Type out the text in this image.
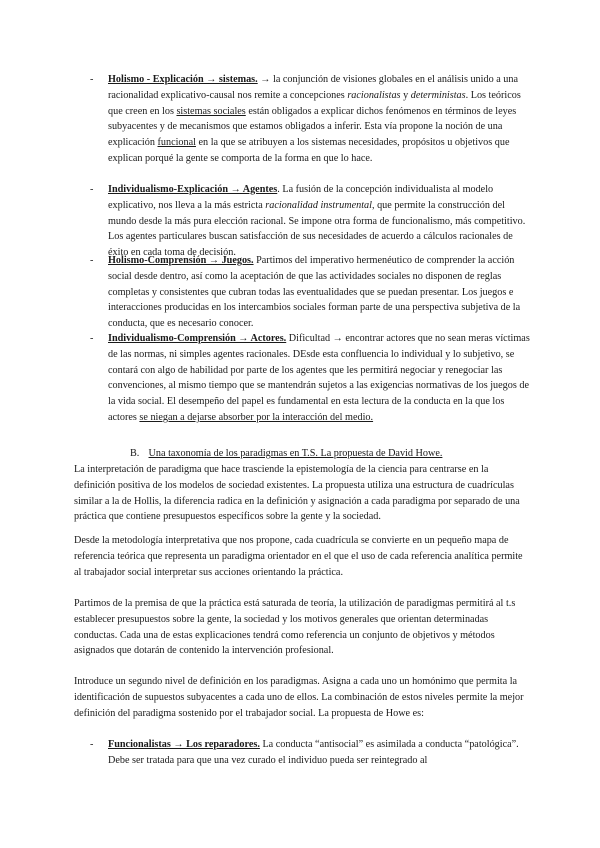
- Holismo - Explicación → sistemas. → la conjunción de visiones globales en el análisis unido a una racionalidad explicativo-causal nos remite a concepciones racionalistas y deterministas. Los teóricos que creen en los sistemas sociales están obligados a explicar dichos fenómenos en términos de leyes subyacentes y de mecanismos que estamos obligados a inferir. Esta vía propone la noción de una explicación funcional en la que se atribuyen a los sistemas necesidades, propósitos u objetivos que explican porqué la gente se comporta de la forma en que lo hace.
- Individualismo-Explicación → Agentes. La fusión de la concepción individualista al modelo explicativo, nos lleva a la más estricta racionalidad instrumental, que permite la construcción del mundo desde la más pura elección racional. Se impone otra forma de funcionalismo, más competitivo. Los agentes particulares buscan satisfacción de sus necesidades de acuerdo a cálculos racionales de éxito en cada toma de decisión.
- Holismo-Comprensión → Juegos. Partimos del imperativo hermenéutico de comprender la acción social desde dentro, así como la aceptación de que las actividades sociales no disponen de reglas completas y consistentes que cubran todas las eventualidades que se puedan presentar. Los juegos e interacciones producidas en los intercambios sociales forman parte de una perspectiva subjetiva de la conducta, que es necesario conocer.
- Individualismo-Comprensión → Actores. Dificultad → encontrar actores que no sean meras víctimas de las normas, ni simples agentes racionales. DEsde esta confluencia lo individual y lo subjetivo, se contará con algo de habilidad por parte de los agentes que les permitirá negociar y renegociar las convenciones, al mismo tiempo que se mantendrán sujetos a las exigencias normativas de los juegos de la vida social. El desempeño del papel es fundamental en esta lectura de la conducta en la que los actores se niegan a dejarse absorber por la interacción del medio.
B. Una taxonomía de los paradigmas en T.S. La propuesta de David Howe.

La interpretación de paradigma que hace trasciende la epistemología de la ciencia para centrarse en la definición positiva de los modelos de sociedad existentes. La propuesta utiliza una estructura de cuadrículas similar a la de Hollis, la diferencia radica en la definición y asignación a cada paradigma por separado de una práctica que contiene presupuestos específicos sobre la gente y la sociedad.

Desde la metodología interpretativa que nos propone, cada cuadrícula se convierte en un pequeño mapa de referencia teórica que representa un paradigma orientador en el que el uso de cada referencia analítica permite al trabajador social interpretar sus acciones orientando la práctica.

Partimos de la premisa de que la práctica está saturada de teoría, la utilización de paradigmas permitirá al t.s establecer presupuestos sobre la gente, la sociedad y los motivos generales que orientan determinadas conductas. Cada una de estas explicaciones tendrá como referencia un conjunto de objetivos y métodos asignados que dotarán de contenido la intervención profesional.

Introduce un segundo nivel de definición en los paradigmas. Asigna a cada uno un homónimo que permita la identificación de supuestos subyacentes a cada uno de ellos. La combinación de estos niveles permite la mejor definición del paradigma sostenido por el trabajador social. La propuesta de Howe es:

- Funcionalistas → Los reparadores. La conducta “antisocial” es asimilada a conducta “patológica”. Debe ser tratada para que una vez curado el individuo pueda ser reintegrado al
